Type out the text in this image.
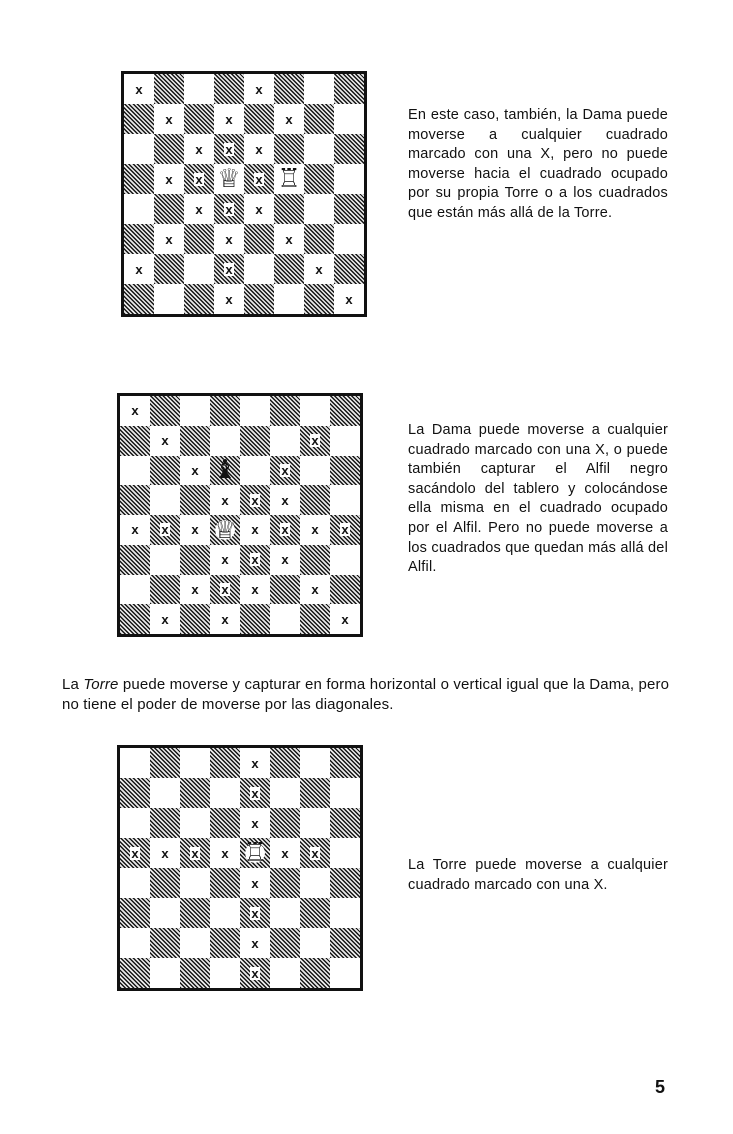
x	x
x	x	x
x x x
x x ♕ x ♖
x x x
x	x	x
x	x	x
x	x

En este caso, también, la Dama puede moverse a cualquier cuadrado marcado con una X, pero no puede moverse hacia el cuadrado ocupado por su propia Torre o a los cuadrados que están más allá de la Torre.

x
x	x
x ♝	x
x x x
x x x ♕ x x x x
x x x
x x x	x
x	x	x

La Dama puede moverse a cualquier cuadrado marcado con una X, o puede también capturar el Alfil negro sacándolo del tablero y colocándose ella misma en el cuadrado ocupado por el Alfil. Pero no puede moverse a los cuadrados que quedan más allá del Alfil.

La Torre puede moverse y capturar en forma horizontal o vertical igual que la Dama, pero no tiene el poder de moverse por las diagonales.

x
x
x
x x x x ♖ x x
x
x
x
x

La Torre puede moverse a cualquier cuadrado marcado con una X.

5
